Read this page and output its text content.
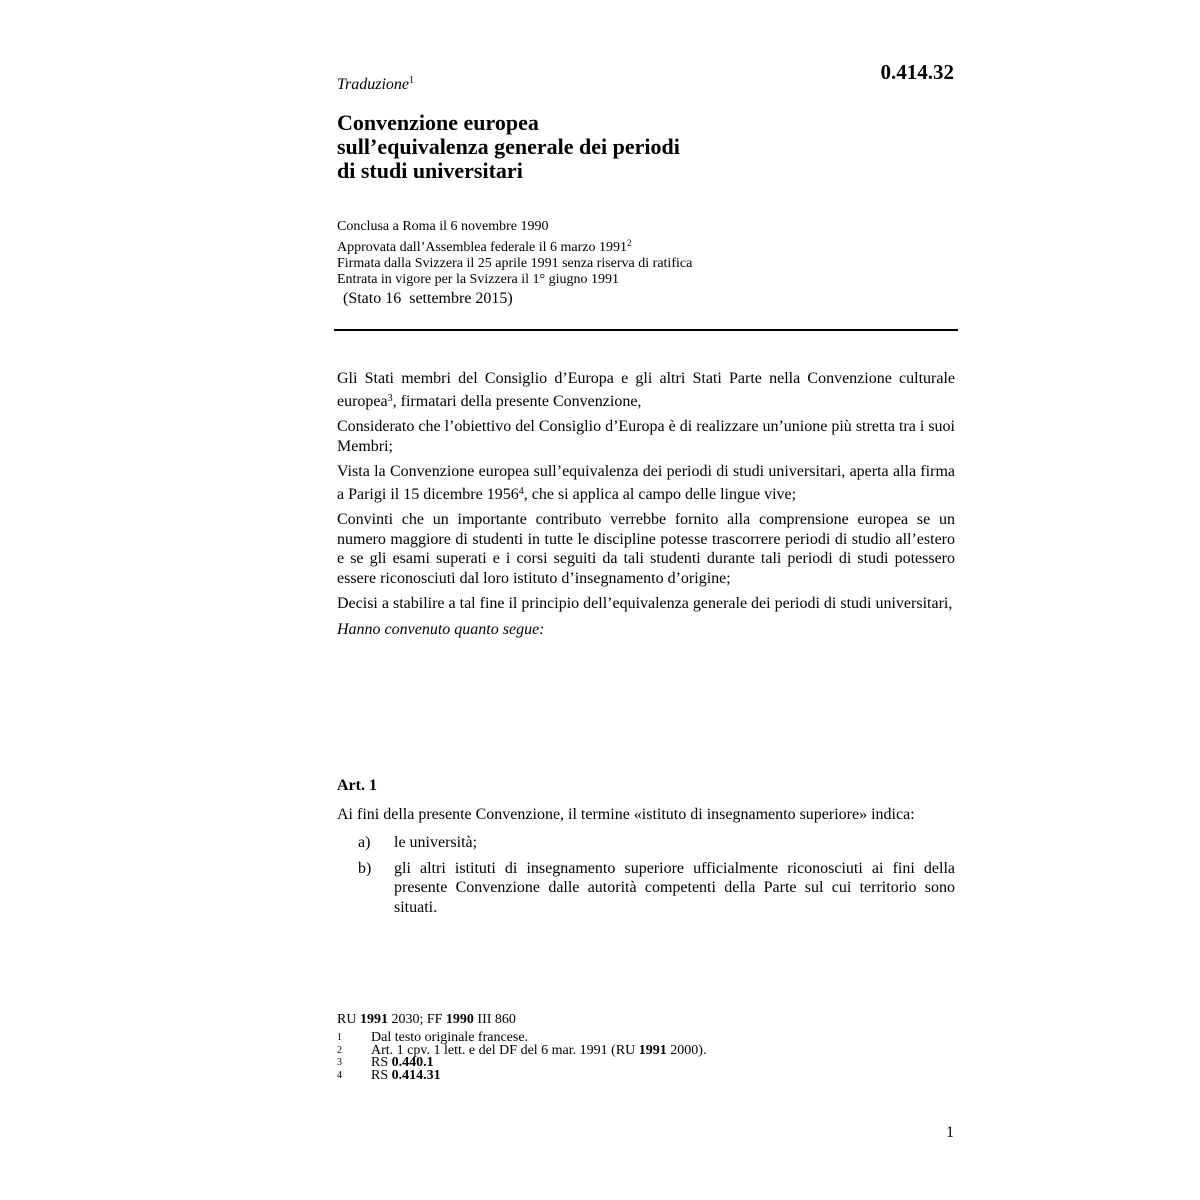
0.414.32
Traduzione$^1$
Convenzione europea
sull’equivalenza generale dei periodi
di studi universitari
Conclusa a Roma il 6 novembre 1990
Approvata dall’Assemblea federale il 6 marzo 1991$^2$
Firmata dalla Svizzera il 25 aprile 1991 senza riserva di ratifica
Entrata in vigore per la Svizzera il 1° giugno 1991
(Stato 16  settembre 2015)

Gli Stati membri del Consiglio d’Europa e gli altri Stati Parte nella Convenzione culturale europea$^3$, firmatari della presente Convenzione,

Considerato che l’obiettivo del Consiglio d’Europa è di realizzare un’unione più stretta tra i suoi Membri;

Vista la Convenzione europea sull’equivalenza dei periodi di studi universitari, aperta alla firma a Parigi il 15 dicembre 1956$^4$, che si applica al campo delle lingue vive;

Convinti che un importante contributo verrebbe fornito alla comprensione europea se un numero maggiore di studenti in tutte le discipline potesse trascorrere periodi di studio all’estero e se gli esami superati e i corsi seguiti da tali studenti durante tali periodi di studi potessero essere riconosciuti dal loro istituto d’insegnamento d’origine;

Decisi a stabilire a tal fine il principio dell’equivalenza generale dei periodi di studi universitari,

Hanno convenuto quanto segue:

Art. 1
Ai fini della presente Convenzione, il termine «istituto di insegnamento superiore» indica:
a)	le università;
b)	gli altri istituti di insegnamento superiore ufficialmente riconosciuti ai fini della presente Convenzione dalle autorità competenti della Parte sul cui territorio sono situati.
RU 1991 2030; FF 1990 III 860
1	Dal testo originale francese.
2	Art. 1 cpv. 1 lett. e del DF del 6 mar. 1991 (RU 1991 2000).
3	RS 0.440.1
4	RS 0.414.31
1
